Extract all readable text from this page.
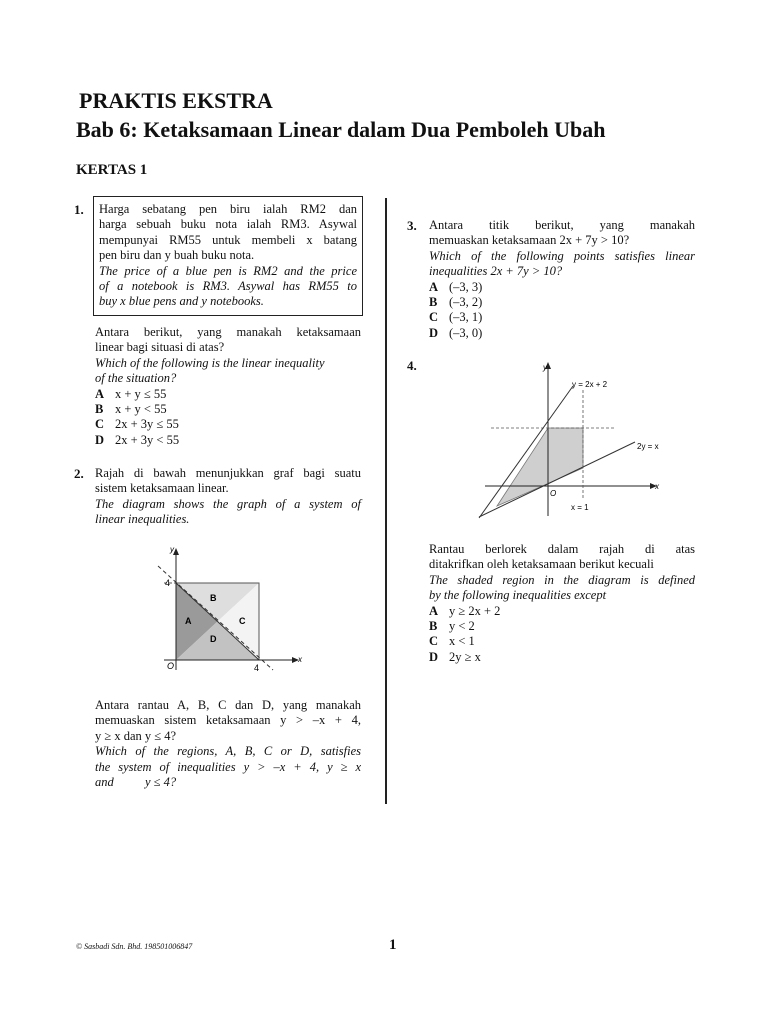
PRAKTIS EKSTRA
Bab 6: Ketaksamaan Linear dalam Dua Pemboleh Ubah
KERTAS 1
1. Harga sebatang pen biru ialah RM2 dan
harga sebuah buku nota ialah RM3. Asywal
mempunyai RM55 untuk membeli x batang
pen biru dan y buah buku nota.
The price of a blue pen is RM2 and the price
of a notebook is RM3. Asywal has RM55 to
buy x blue pens and y notebooks.
Antara berikut, yang manakah ketaksamaan
linear bagi situasi di atas?
Which of the following is the linear inequality
of the situation?
A x + y ≤ 55
B x + y < 55
C 2x + 3y ≤ 55
D 2x + 3y < 55
2. Rajah di bawah menunjukkan graf bagi suatu
sistem ketaksamaan linear.
The diagram shows the graph of a system of
linear inequalities.
y
x
O
4
4
A
B
C
D
Antara rantau A, B, C dan D, yang manakah
memuaskan sistem ketaksamaan y > –x + 4,
y ≥ x dan y ≤ 4?
Which of the regions, A, B, C or D, satisfies
the system of inequalities y > –x + 4, y ≥ x
and          y ≤ 4?
3. Antara titik berikut, yang manakah
memuaskan ketaksamaan 2x + 7y > 10?
Which of the following points satisfies linear
inequalities 2x + 7y > 10?
A (–3, 3)
B (–3, 2)
C (–3, 1)
D (–3, 0)
4.	y
x
O
y = 2x + 2
2y = x
x = 1
Rantau berlorek dalam rajah di atas
ditakrifkan oleh ketaksamaan berikut kecuali
The shaded region in the diagram is defined
by the following inequalities except
A y ≥ 2x + 2
B y < 2
C x < 1
D 2y ≥ x
© Sasbadi Sdn. Bhd. 198501006847	1
